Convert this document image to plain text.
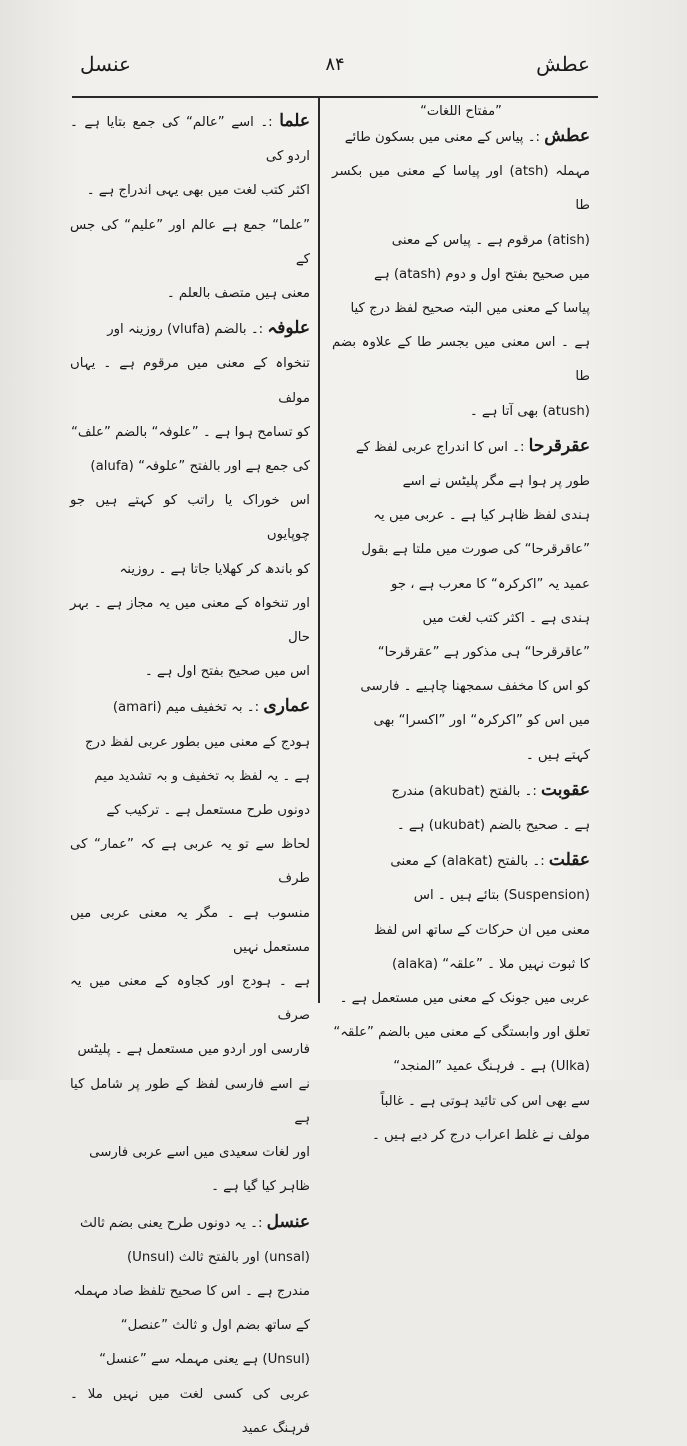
عنسل	۸۴	عطش
”مفتاح اللغات“

عطش :۔ پیاس کے معنی میں بسکون طائے

مہملہ (atsh) اور پیاسا کے معنی میں بکسر طا

(atish) مرقوم ہے ۔ پیاس کے معنی

میں صحیح بفتح اول و دوم (atash) ہے

پیاسا کے معنی میں البتہ صحیح لفظ درج کیا

ہے ۔ اس معنی میں بجسر طا کے علاوہ بضم طا

(atush) بھی آتا ہے ۔

عقرقرحا :۔ اس کا اندراج عربی لفظ کے

طور پر ہوا ہے مگر پلیٹس نے اسے

ہندی لفظ ظاہر کیا ہے ۔ عربی میں یہ

”عاقرقرحا“ کی صورت میں ملتا ہے بقول

عمید یہ ”اکرکرہ“ کا معرب ہے ، جو

ہندی ہے ۔ اکثر کتب لغت میں

”عاقرقرحا“ ہی مذکور ہے ”عقرقرحا“

کو اس کا مخفف سمجھنا چاہیے ۔ فارسی

میں اس کو ”اکرکرہ“ اور ”اکسرا“ بھی

کہتے ہیں ۔

عقوبت :۔ بالفتح (akubat) مندرج

ہے ۔ صحیح بالضم (ukubat) ہے ۔

عقلت :۔ بالفتح (alakat) کے معنی

(Suspension) بتائے ہیں ۔ اس

معنی میں ان حرکات کے ساتھ اس لفظ

کا ثبوت نہیں ملا ۔ ”علقہ“ (alaka)

عربی میں جونک کے معنی میں مستعمل ہے ۔

تعلق اور وابستگی کے معنی میں بالضم ”علقہ“

(Ulka) ہے ۔ فرہنگ عمید ”المنجد“

سے بھی اس کی تائید ہوتی ہے ۔ غالباً

مولف نے غلط اعراب درج کر دیے ہیں ۔

علما :۔ اسے ”عالم“ کی جمع بتایا ہے ۔ اردو کی

اکثر کتب لغت میں بھی یہی اندراج ہے ۔

”علما“ جمع ہے عالم اور ”علیم“ کی جس کے

معنی ہیں متصف بالعلم ۔

علوفہ :۔ بالضم (vlufa) روزینہ اور

تنخواہ کے معنی میں مرقوم ہے ۔ یہاں مولف

کو تسامح ہوا ہے ۔ ”علوفہ“ بالضم ”علف“

کی جمع ہے اور بالفتح ”علوفہ“ (alufa)

اس خوراک یا راتب کو کہتے ہیں جو چوپایوں

کو باندھ کر کھلایا جاتا ہے ۔ روزینہ

اور تنخواہ کے معنی میں یہ مجاز ہے ۔ بہر حال

اس میں صحیح بفتح اول ہے ۔

عماری :۔ بہ تخفیف میم (amari)

ہودج کے معنی میں بطور عربی لفظ درج

ہے ۔ یہ لفظ بہ تخفیف و بہ تشدید میم

دونوں طرح مستعمل ہے ۔ ترکیب کے

لحاظ سے تو یہ عربی ہے کہ ”عمار“ کی طرف

منسوب ہے ۔ مگر یہ معنی عربی میں مستعمل نہیں

ہے ۔ ہودج اور کجاوہ کے معنی میں یہ صرف

فارسی اور اردو میں مستعمل ہے ۔ پلیٹس

نے اسے فارسی لفظ کے طور پر شامل کیا ہے

اور لغات سعیدی میں اسے عربی فارسی

ظاہر کیا گیا ہے ۔

عنسل :۔ یہ دونوں طرح یعنی بضم ثالث

(unsal) اور بالفتح ثالث (Unsul)

مندرج ہے ۔ اس کا صحیح تلفظ صاد مہملہ

کے ساتھ بضم اول و ثالث ”عنصل“

(Unsul) ہے یعنی مہملہ سے ”عنسل“

عربی کی کسی لغت میں نہیں ملا ۔ فرہنگ عمید
